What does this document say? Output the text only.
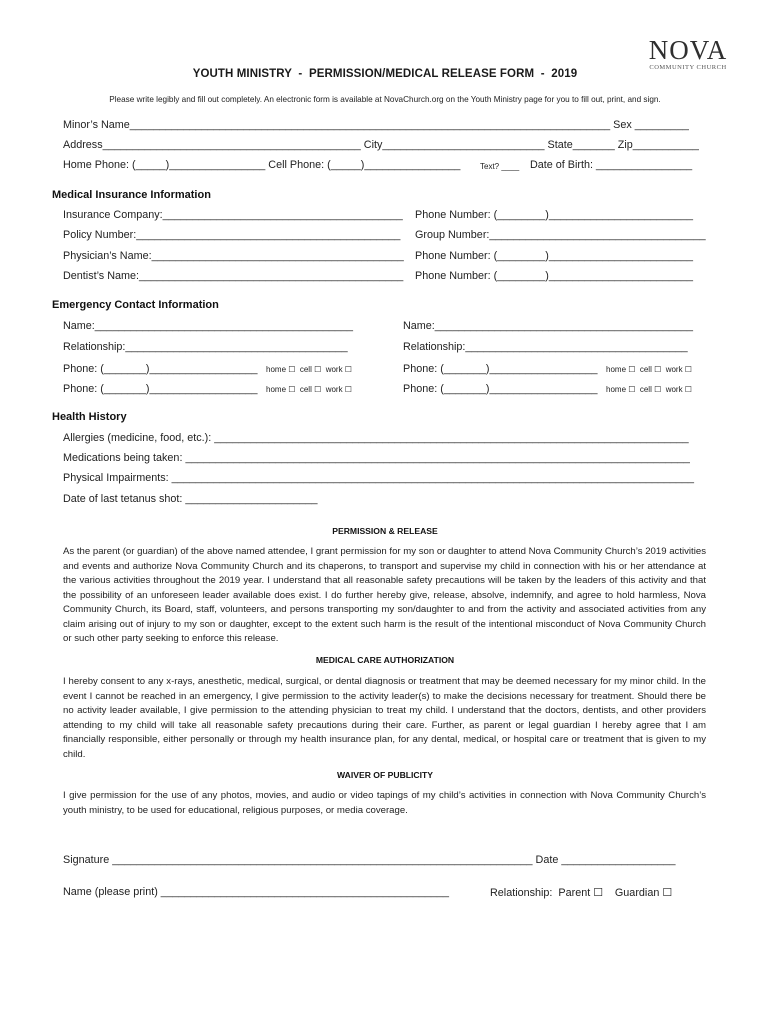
NOVA
COMMUNITY CHURCH
YOUTH MINISTRY  -  PERMISSION/MEDICAL RELEASE FORM  -  2019
Please write legibly and fill out completely. An electronic form is available at NovaChurch.org on the Youth Ministry page for you to fill out, print, and sign.
Minor’s Name________________________________________________________________________________ Sex _________
Address___________________________________________ City___________________________ State_______ Zip___________
Home Phone: (_____)________________ Cell Phone: (_____)________________ Text? ____ Date of Birth: ________________
Medical Insurance Information
Insurance Company:________________________________________ Phone Number: (________)________________________
Policy Number:____________________________________________ Group Number:____________________________________
Physician’s Name:__________________________________________ Phone Number: (________)________________________
Dentist’s Name:____________________________________________ Phone Number: (________)________________________
Emergency Contact Information
Name:___________________________________________	Name:___________________________________________
Relationship:_____________________________________	Relationship:_____________________________________
Phone: (_______)__________________ home ☐  cell ☐  work ☐	Phone: (_______)__________________ home ☐  cell ☐  work ☐
Phone: (_______)__________________ home ☐  cell ☐  work ☐	Phone: (_______)__________________ home ☐  cell ☐  work ☐
Health History
Allergies (medicine, food, etc.): _______________________________________________________________________________
Medications being taken: ____________________________________________________________________________________
Physical Impairments: _______________________________________________________________________________________
Date of last tetanus shot: ______________________
PERMISSION & RELEASE
As the parent (or guardian) of the above named attendee, I grant permission for my son or daughter to attend Nova Community Church’s 2019 activities and events and authorize Nova Community Church and its chaperons, to transport and supervise my child in connection with his or her attendance at the various activities throughout the 2019 year. I understand that all reasonable safety precautions will be taken by the leaders of this activity and that the possibility of an unforeseen leader available does exist. I do further hereby give, release, absolve, indemnify, and agree to hold harmless, Nova Community Church, its Board, staff, volunteers, and persons transporting my son/daughter to and from the activity and associated activities from any claim arising out of injury to my son or daughter, except to the extent such harm is the result of the intentional misconduct of Nova Community Church or such other party seeking to enforce this release.
MEDICAL CARE AUTHORIZATION
I hereby consent to any x-rays, anesthetic, medical, surgical, or dental diagnosis or treatment that may be deemed necessary for my minor child. In the event I cannot be reached in an emergency, I give permission to the activity leader(s) to make the decisions necessary for treatment. Should there be no activity leader available, I give permission to the attending physician to treat my child. I understand that the doctors, dentists, and other providers attending to my child will take all reasonable safety precautions during their care. Further, as parent or legal guardian I hereby agree that I am financially responsible, either personally or through my health insurance plan, for any dental, medical, or hospital care or treatment that is given to my child.
WAIVER OF PUBLICITY
I give permission for the use of any photos, movies, and audio or video tapings of my child’s activities in connection with Nova Community Church’s youth ministry, to be used for educational, religious purposes, or media coverage.
Signature ______________________________________________________________________ Date ___________________
Name (please print) ________________________________________________	Relationship:  Parent ☐    Guardian ☐
